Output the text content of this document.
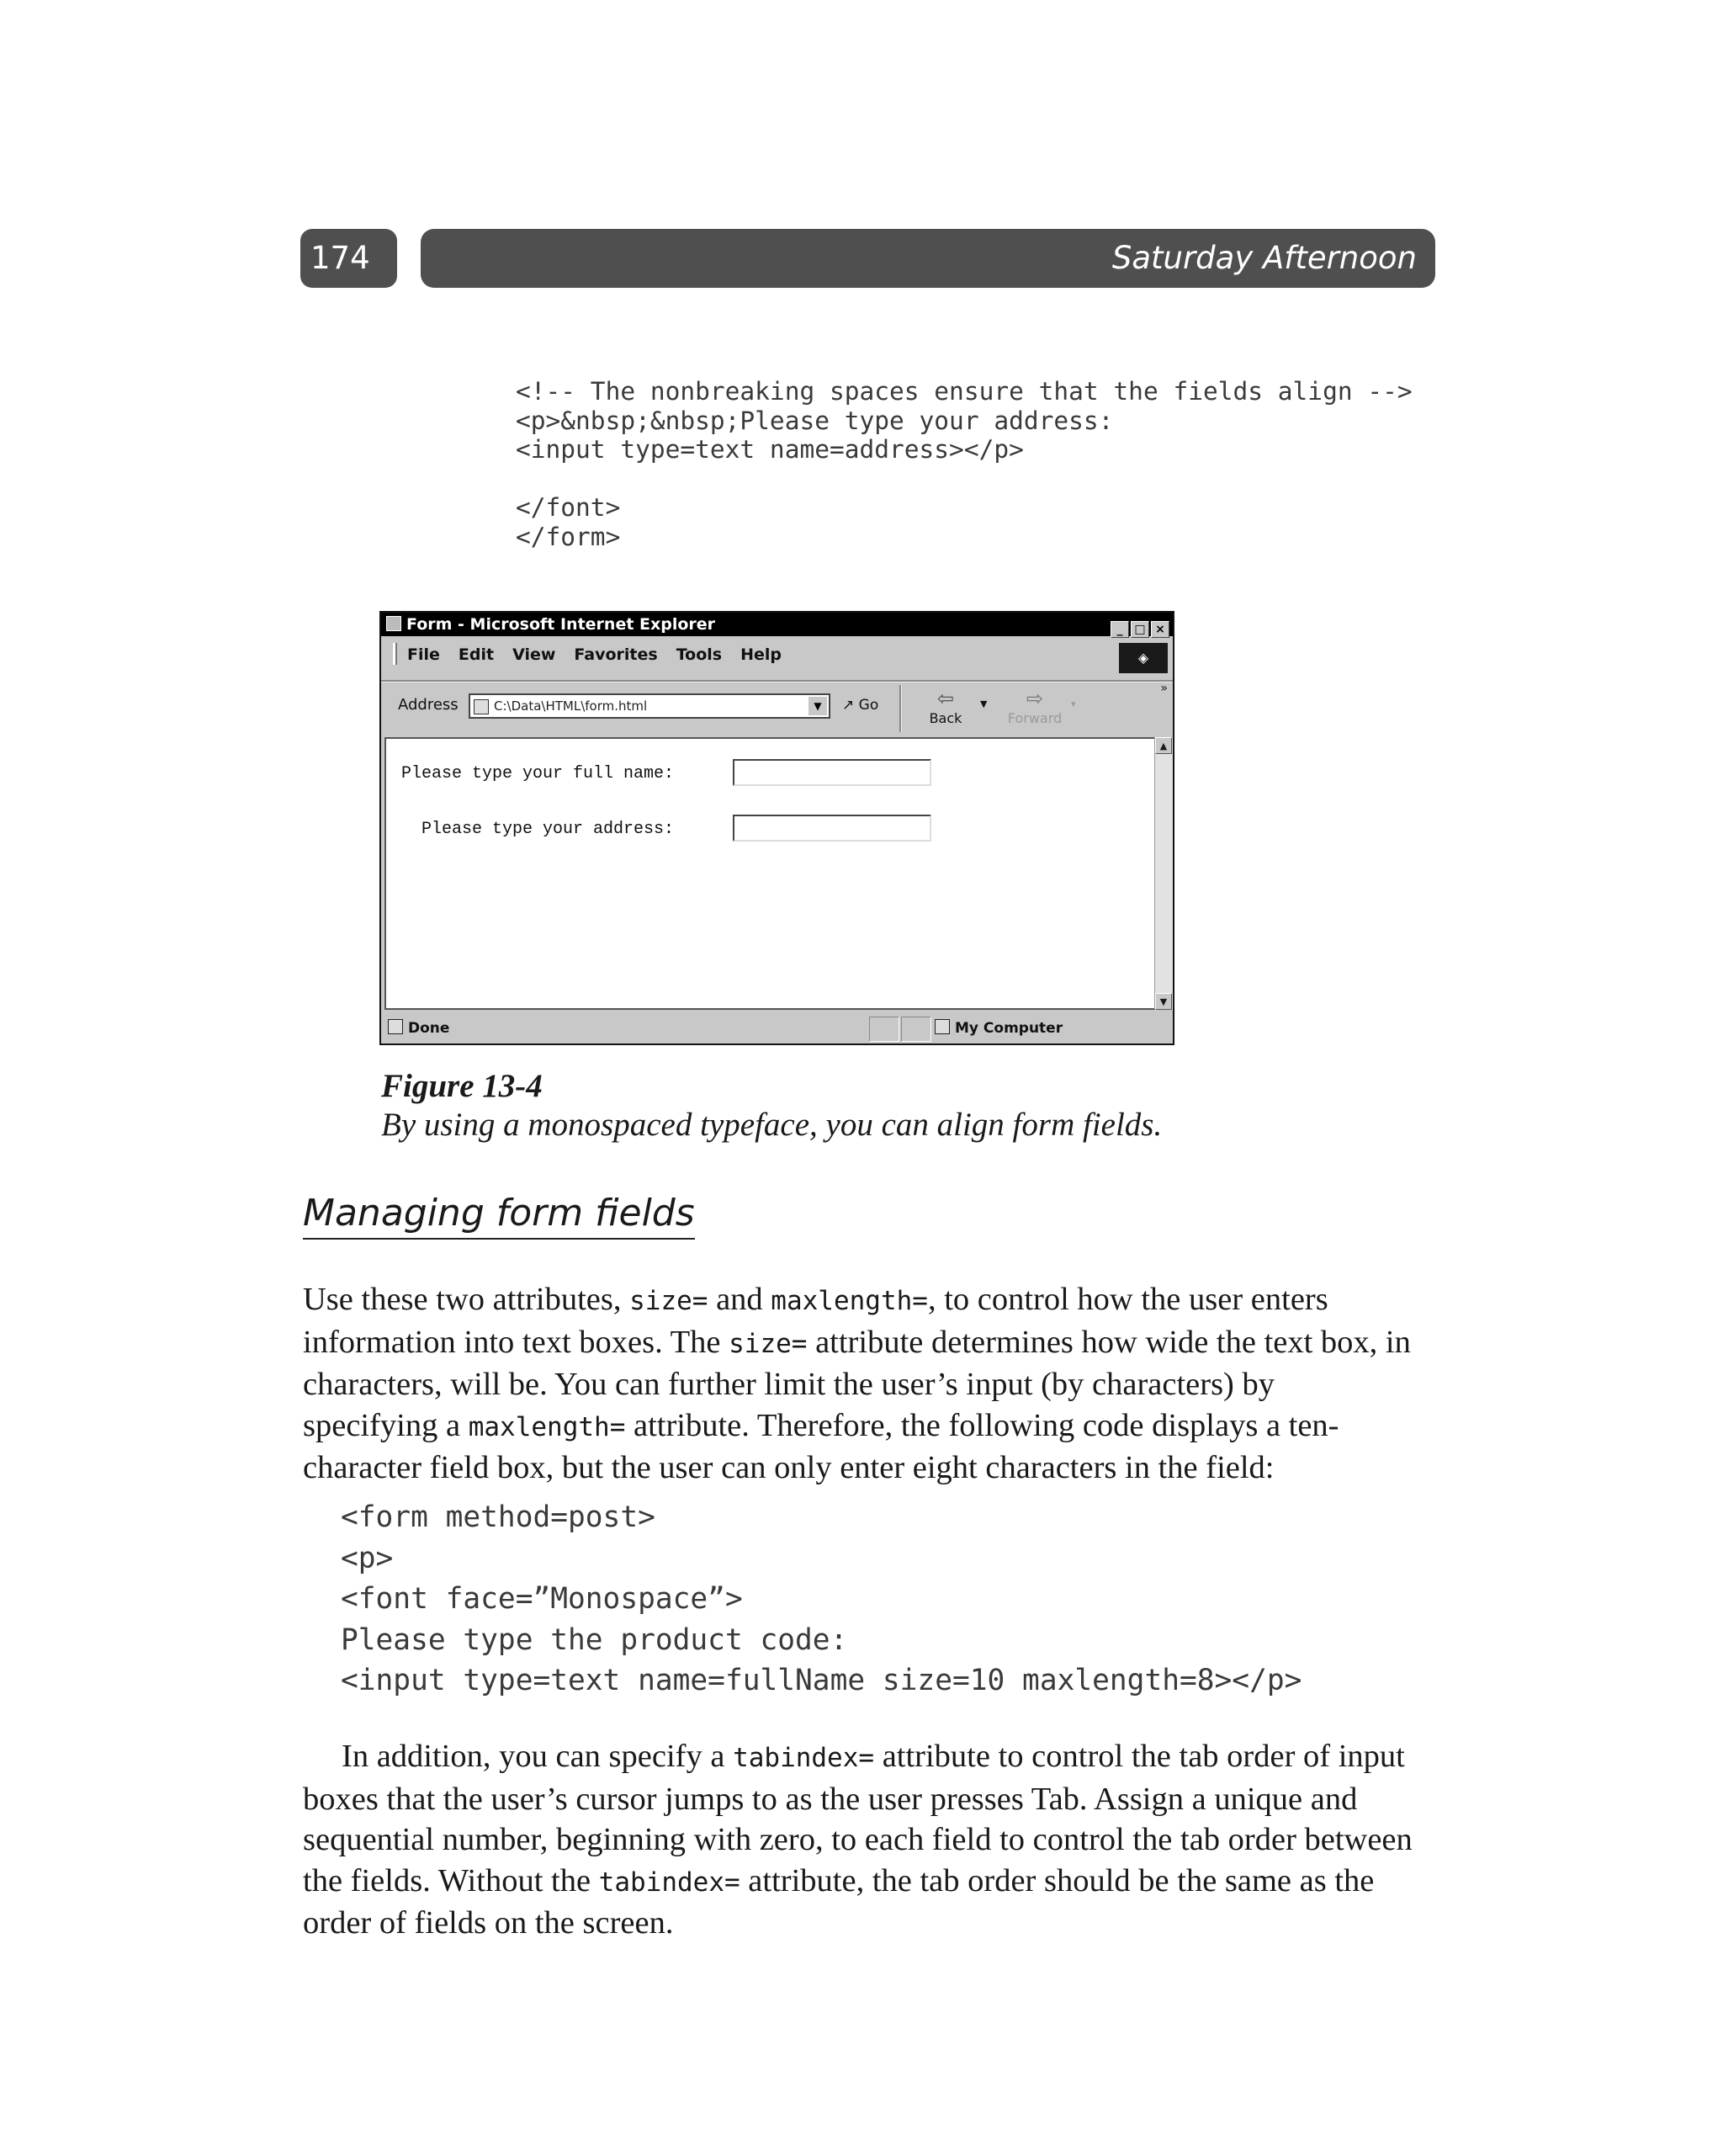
174	Saturday Afternoon
<!-- The nonbreaking spaces ensure that the fields align -->
<p>&nbsp;&nbsp;Please type your address:
<input type=text name=address></p>

</font>
</form>
Form - Microsoft Internet Explorer	_ □ ×
File Edit View Favorites Tools Help	◈
Address	C:\Data\HTML\form.html	▼	↗ Go	⇦
Back
▼	⇨
Forward
▾
»
Please type your full name:
Please type your address:
▲
▼
Done	My Computer
Figure 13-4
By using a monospaced typeface, you can align form fields.
Managing form fields

Use these two attributes, size= and maxlength=, to control how the user enters information into text boxes. The size= attribute determines how wide the text box, in characters, will be. You can further limit the user’s input (by characters) by specifying a maxlength= attribute. Therefore, the following code displays a ten-character field box, but the user can only enter eight characters in the field:

<form method=post>
<p>
<font face=”Monospace”>
Please type the product code:
<input type=text name=fullName size=10 maxlength=8></p>

In addition, you can specify a tabindex= attribute to control the tab order of input boxes that the user’s cursor jumps to as the user presses Tab. Assign a unique and sequential number, beginning with zero, to each field to control the tab order between the fields. Without the tabindex= attribute, the tab order should be the same as the order of fields on the screen.
